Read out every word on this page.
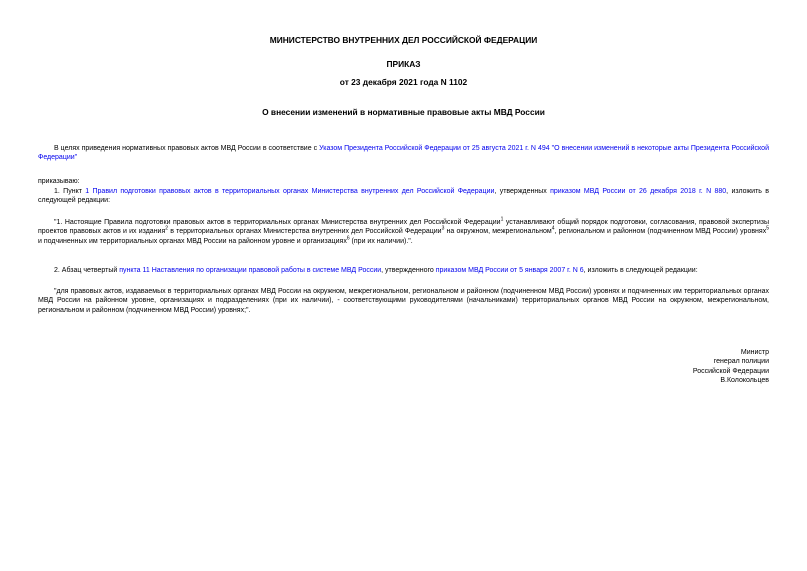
МИНИСТЕРСТВО ВНУТРЕННИХ ДЕЛ РОССИЙСКОЙ ФЕДЕРАЦИИ
ПРИКАЗ
от 23 декабря 2021 года N 1102
О внесении изменений в нормативные правовые акты МВД России
В целях приведения нормативных правовых актов МВД России в соответствие с Указом Президента Российской Федерации от 25 августа 2021 г. N 494 "О внесении изменений в некоторые акты Президента Российской Федерации"
приказываю:
1. Пункт 1 Правил подготовки правовых актов в территориальных органах Министерства внутренних дел Российской Федерации, утвержденных приказом МВД России от 26 декабря 2018 г. N 880, изложить в следующей редакции:
"1. Настоящие Правила подготовки правовых актов в территориальных органах Министерства внутренних дел Российской Федерации$^1$ устанавливают общий порядок подготовки, согласования, правовой экспертизы проектов правовых актов и их издания$^2$ в территориальных органах Министерства внутренних дел Российской Федерации$^3$ на окружном, межрегиональном$^4$, региональном и районном (подчиненном МВД России) уровнях$^5$ и подчиненных им территориальных органах МВД России на районном уровне и организациях$^6$ (при их наличии).".
2. Абзац четвертый пункта 11 Наставления по организации правовой работы в системе МВД России, утвержденного приказом МВД России от 5 января 2007 г. N 6, изложить в следующей редакции:
"для правовых актов, издаваемых в территориальных органах МВД России на окружном, межрегиональном, региональном и районном (подчиненном МВД России) уровнях и подчиненных им территориальных органах МВД России на районном уровне, организациях и подразделениях (при их наличии), - соответствующими руководителями (начальниками) территориальных органов МВД России на окружном, межрегиональном, региональном и районном (подчиненном МВД России) уровнях;".
Министр
генерал полиции
Российской Федерации
В.Колокольцев
